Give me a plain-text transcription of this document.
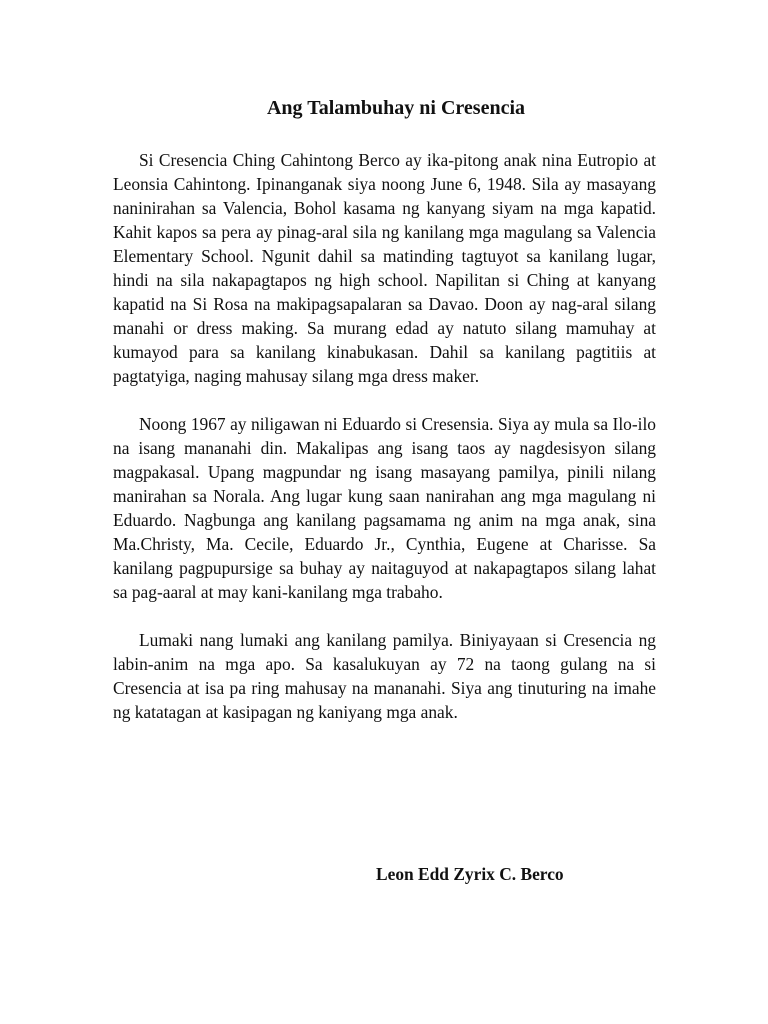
Ang Talambuhay ni Cresencia

Si Cresencia Ching Cahintong Berco ay ika-pitong anak nina Eutropio at Leonsia Cahintong. Ipinanganak siya noong June 6, 1948. Sila ay masayang naninirahan sa Valencia, Bohol kasama ng kanyang siyam na mga kapatid. Kahit kapos sa pera ay pinag-aral sila ng kanilang mga magulang sa Valencia Elementary School. Ngunit dahil sa matinding tagtuyot sa kanilang lugar, hindi na sila nakapagtapos ng high school. Napilitan si Ching at kanyang kapatid na Si Rosa na makipagsapalaran sa Davao. Doon ay nag-aral silang manahi or dress making. Sa murang edad ay natuto silang mamuhay at kumayod para sa kanilang kinabukasan. Dahil sa kanilang pagtitiis at pagtatyiga, naging mahusay silang mga dress maker.

Noong 1967 ay niligawan ni Eduardo si Cresensia. Siya ay mula sa Ilo-ilo na isang mananahi din. Makalipas ang isang taos ay nagdesisyon silang magpakasal. Upang magpundar ng isang masayang pamilya, pinili nilang manirahan sa Norala. Ang lugar kung saan nanirahan ang mga magulang ni Eduardo. Nagbunga ang kanilang pagsamama ng anim na mga anak, sina Ma.Christy, Ma. Cecile, Eduardo Jr., Cynthia, Eugene at Charisse. Sa kanilang pagpupursige sa buhay ay naitaguyod at nakapagtapos silang lahat sa pag-aaral at may kani-kanilang mga trabaho.

Lumaki nang lumaki ang kanilang pamilya. Biniyayaan si Cresencia ng labin-anim na mga apo. Sa kasalukuyan ay 72 na taong gulang na si Cresencia at isa pa ring mahusay na mananahi. Siya ang tinuturing na imahe ng katatagan at kasipagan ng kaniyang mga anak.

Leon Edd Zyrix C. Berco
